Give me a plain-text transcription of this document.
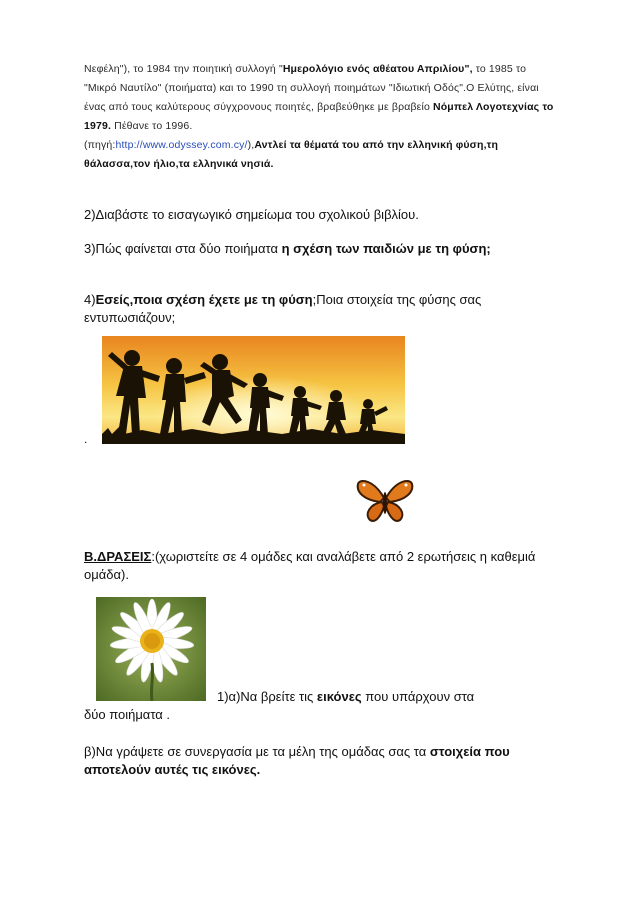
Νεφέλη"), το 1984 την ποιητική συλλογή "Ημερολόγιο ενός αθέατου Απριλίου", το 1985 το "Μικρό Ναυτίλο" (ποιήματα) και το 1990 τη συλλογή ποιημάτων "Ιδιωτική Οδός".Ο Ελύτης, είναι ένας από τους καλύτερους σύγχρονους ποιητές, βραβεύθηκε με βραβείο Νόμπελ Λογοτεχνίας το 1979. Πέθανε το 1996.
(πηγή:http://www.odyssey.com.cy/),Αντλεί τα θέματά του από την ελληνική φύση,τη θάλασσα,τον ήλιο,τα ελληνικά νησιά.

2)Διαβάστε το εισαγωγικό σημείωμα του σχολικού βιβλίου.

3)Πώς φαίνεται στα δύο ποιήματα η σχέση των παιδιών με τη φύση;

4)Εσείς,ποια σχέση έχετε με τη φύση;Ποια στοιχεία της φύσης σας εντυπωσιάζουν;

.

Β.ΔΡΑΣΕΙΣ:(χωριστείτε σε 4 ομάδες και αναλάβετε από 2 ερωτήσεις η καθεμιά ομάδα).

1)α)Να βρείτε τις εικόνες που υπάρχουν στα
δύο ποιήματα .

β)Να γράψετε σε συνεργασία με τα μέλη της ομάδας σας τα στοιχεία που αποτελούν αυτές τις εικόνες.
